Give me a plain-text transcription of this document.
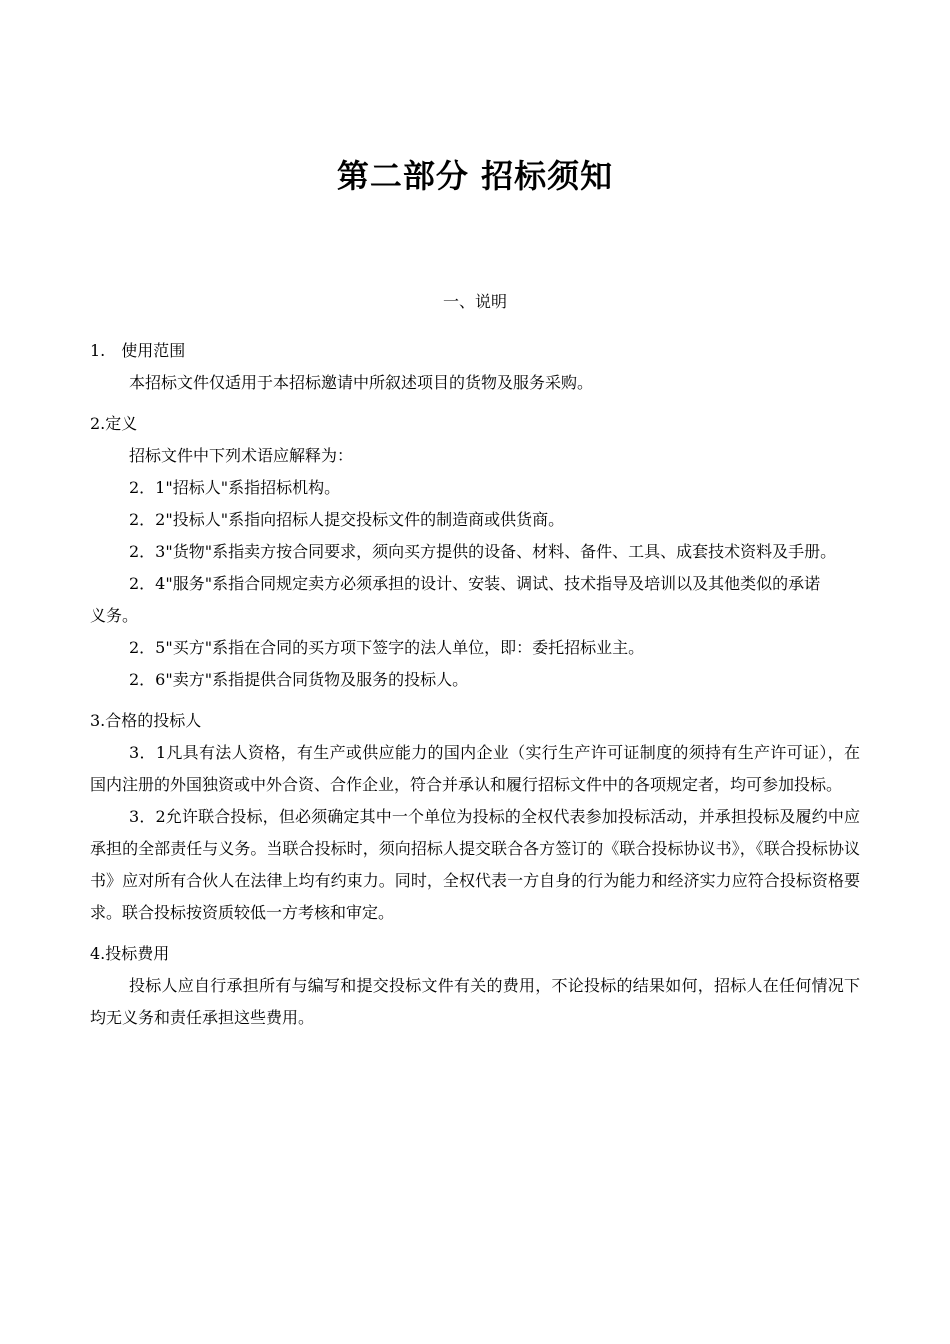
第二部分 招标须知
一、说明

1.　使用范围

本招标文件仅适用于本招标邀请中所叙述项目的货物及服务采购。

2.定义

招标文件中下列术语应解释为：

2．1"招标人"系指招标机构。

2．2"投标人"系指向招标人提交投标文件的制造商或供货商。

2．3"货物"系指卖方按合同要求，须向买方提供的设备、材料、备件、工具、成套技术资料及手册。

2．4"服务"系指合同规定卖方必须承担的设计、安装、调试、技术指导及培训以及其他类似的承诺

义务。

2．5"买方"系指在合同的买方项下签字的法人单位，即：委托招标业主。

2．6"卖方"系指提供合同货物及服务的投标人。

3.合格的投标人

3．1凡具有法人资格，有生产或供应能力的国内企业（实行生产许可证制度的须持有生产许可证），在国内注册的外国独资或中外合资、合作企业，符合并承认和履行招标文件中的各项规定者，均可参加投标。

3．2允许联合投标，但必须确定其中一个单位为投标的全权代表参加投标活动，并承担投标及履约中应承担的全部责任与义务。当联合投标时，须向招标人提交联合各方签订的《联合投标协议书》，《联合投标协议书》应对所有合伙人在法律上均有约束力。同时，全权代表一方自身的行为能力和经济实力应符合投标资格要求。联合投标按资质较低一方考核和审定。

4.投标费用

投标人应自行承担所有与编写和提交投标文件有关的费用，不论投标的结果如何，招标人在任何情况下均无义务和责任承担这些费用。
